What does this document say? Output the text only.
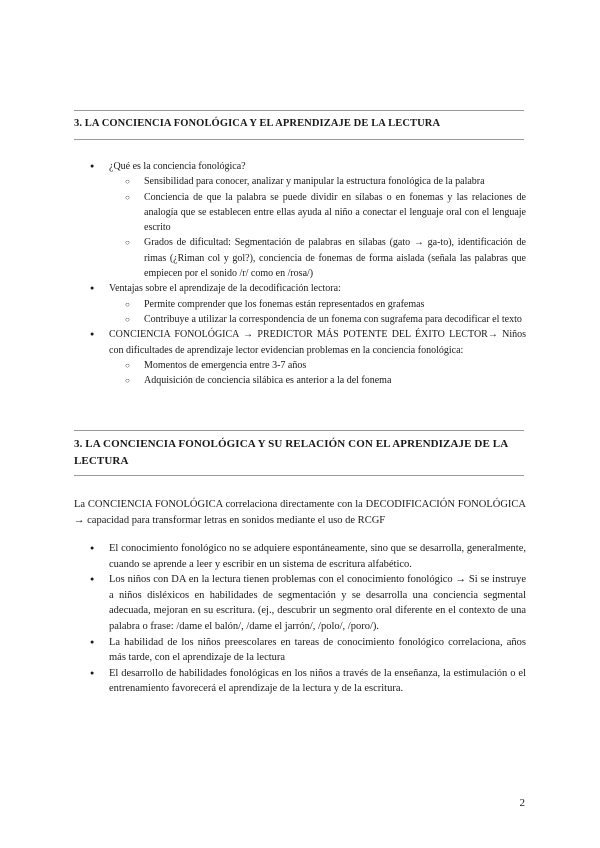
3. LA CONCIENCIA FONOLÓGICA Y EL APRENDIZAJE DE LA LECTURA
● ¿Qué es la conciencia fonológica?
○ Sensibilidad para conocer, analizar y manipular la estructura fonológica de la palabra
○ Conciencia de que la palabra se puede dividir en sílabas o en fonemas y las relaciones de analogía que se establecen entre ellas ayuda al niño a conectar el lenguaje oral con el lenguaje escrito
○ Grados de dificultad: Segmentación de palabras en sílabas (gato → ga-to), identificación de rimas (¿Riman col y gol?), conciencia de fonemas de forma aislada (señala las palabras que empiecen por el sonido /r/ como en /rosa/)
● Ventajas sobre el aprendizaje de la decodificación lectora:
○ Permite comprender que los fonemas están representados en grafemas
○ Contribuye a utilizar la correspondencia de un fonema con sugrafema para decodificar el texto
● CONCIENCIA FONOLÓGICA → PREDICTOR MÁS POTENTE DEL ÉXITO LECTOR→ Niños con dificultades de aprendizaje lector evidencian problemas en la conciencia fonológica:
○ Momentos de emergencia entre 3-7 años
○ Adquisición de conciencia silábica es anterior a la del fonema
3. LA CONCIENCIA FONOLÓGICA Y SU RELACIÓN CON EL APRENDIZAJE DE LA LECTURA
La CONCIENCIA FONOLÓGICA correlaciona directamente con la DECODIFICACIÓN FONOLÓGICA → capacidad para transformar letras en sonidos mediante el uso de RCGF
● El conocimiento fonológico no se adquiere espontáneamente, sino que se desarrolla, generalmente, cuando se aprende a leer y escribir en un sistema de escritura alfabético.
● Los niños con DA en la lectura tienen problemas con el conocimiento fonológico → Si se instruye a niños disléxicos en habilidades de segmentación y se desarrolla una conciencia segmental adecuada, mejoran en su escritura. (ej., descubrir un segmento oral diferente en el contexto de una palabra o frase: /dame el balón/, /dame el jarrón/, /polo/, /poro/).
● La habilidad de los niños preescolares en tareas de conocimiento fonológico correlaciona, años más tarde, con el aprendizaje de la lectura
● El desarrollo de habilidades fonológicas en los niños a través de la enseñanza, la estimulación o el entrenamiento favorecerá el aprendizaje de la lectura y de la escritura.
2
